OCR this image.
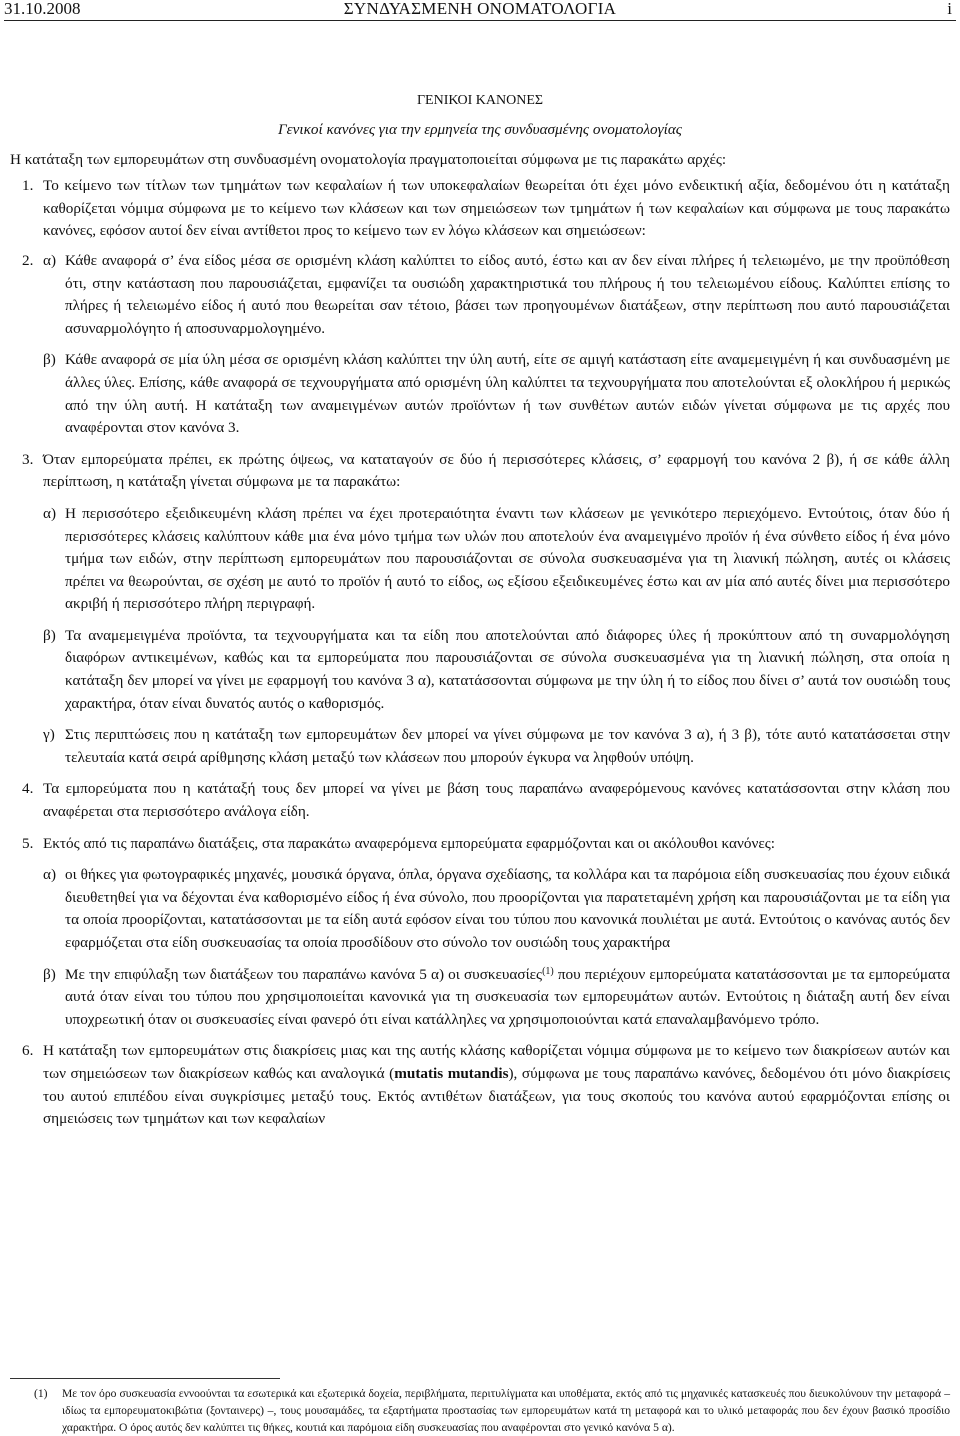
31.10.2008	ΣΥΝΔΥΑΣΜΕΝΗ ΟΝΟΜΑΤΟΛΟΓΙΑ	i

ΓΕΝΙΚΟΙ ΚΑΝΟΝΕΣ

Γενικοί κανόνες για την ερμηνεία της συνδυασμένης ονοματολογίας

Η κατάταξη των εμπορευμάτων στη συνδυασμένη ονοματολογία πραγματοποιείται σύμφωνα με τις παρακάτω αρχές:

1. Το κείμενο των τίτλων των τμημάτων των κεφαλαίων ή των υποκεφαλαίων θεωρείται ότι έχει μόνο ενδεικτική αξία, δεδομένου ότι η κατάταξη καθορίζεται νόμιμα σύμφωνα με το κείμενο των κλάσεων και των σημειώσεων των τμημάτων ή των κεφαλαίων και σύμφωνα με τους παρακάτω κανόνες, εφόσον αυτοί δεν είναι αντίθετοι προς το κείμενο των εν λόγω κλάσεων και σημειώσεων:

2. α) Κάθε αναφορά σ’ ένα είδος μέσα σε ορισμένη κλάση καλύπτει το είδος αυτό, έστω και αν δεν είναι πλήρες ή τελειωμένο, με την προϋπόθεση ότι, στην κατάσταση που παρουσιάζεται, εμφανίζει τα ουσιώδη χαρακτηριστικά του πλήρους ή του τελειωμένου είδους. Καλύπτει επίσης το πλήρες ή τελειωμένο είδος ή αυτό που θεωρείται σαν τέτοιο, βάσει των προηγουμένων διατάξεων, στην περίπτωση που αυτό παρουσιάζεται ασυναρμολόγητο ή αποσυναρμολογημένο.

β) Κάθε αναφορά σε μία ύλη μέσα σε ορισμένη κλάση καλύπτει την ύλη αυτή, είτε σε αμιγή κατάσταση είτε αναμεμειγμένη ή και συνδυασμένη με άλλες ύλες. Επίσης, κάθε αναφορά σε τεχνουργήματα από ορισμένη ύλη καλύπτει τα τεχνουργήματα που αποτελούνται εξ ολοκλήρου ή μερικώς από την ύλη αυτή. Η κατάταξη των αναμειγμένων αυτών προϊόντων ή των συνθέτων αυτών ειδών γίνεται σύμφωνα με τις αρχές που αναφέρονται στον κανόνα 3.

3. Όταν εμπορεύματα πρέπει, εκ πρώτης όψεως, να καταταγούν σε δύο ή περισσότερες κλάσεις, σ’ εφαρμογή του κανόνα 2 β), ή σε κάθε άλλη περίπτωση, η κατάταξη γίνεται σύμφωνα με τα παρακάτω:

α) Η περισσότερο εξειδικευμένη κλάση πρέπει να έχει προτεραιότητα έναντι των κλάσεων με γενικότερο περιεχόμενο. Εντούτοις, όταν δύο ή περισσότερες κλάσεις καλύπτουν κάθε μια ένα μόνο τμήμα των υλών που αποτελούν ένα αναμειγμένο προϊόν ή ένα σύνθετο είδος ή ένα μόνο τμήμα των ειδών, στην περίπτωση εμπορευμάτων που παρουσιάζονται σε σύνολα συσκευασμένα για τη λιανική πώληση, αυτές οι κλάσεις πρέπει να θεωρούνται, σε σχέση με αυτό το προϊόν ή αυτό το είδος, ως εξίσου εξειδικευμένες έστω και αν μία από αυτές δίνει μια περισσότερο ακριβή ή περισσότερο πλήρη περιγραφή.

β) Τα αναμεμειγμένα προϊόντα, τα τεχνουργήματα και τα είδη που αποτελούνται από διάφορες ύλες ή προκύπτουν από τη συναρμολόγηση διαφόρων αντικειμένων, καθώς και τα εμπορεύματα που παρουσιάζονται σε σύνολα συσκευασμένα για τη λιανική πώληση, στα οποία η κατάταξη δεν μπορεί να γίνει με εφαρμογή του κανόνα 3 α), κατατάσσονται σύμφωνα με την ύλη ή το είδος που δίνει σ’ αυτά τον ουσιώδη τους χαρακτήρα, όταν είναι δυνατός αυτός ο καθορισμός.

γ) Στις περιπτώσεις που η κατάταξη των εμπορευμάτων δεν μπορεί να γίνει σύμφωνα με τον κανόνα 3 α), ή 3 β), τότε αυτό κατατάσσεται στην τελευταία κατά σειρά αρίθμησης κλάση μεταξύ των κλάσεων που μπορούν έγκυρα να ληφθούν υπόψη.

4. Τα εμπορεύματα που η κατάταξή τους δεν μπορεί να γίνει με βάση τους παραπάνω αναφερόμενους κανόνες κατατάσσονται στην κλάση που αναφέρεται στα περισσότερο ανάλογα είδη.

5. Εκτός από τις παραπάνω διατάξεις, στα παρακάτω αναφερόμενα εμπορεύματα εφαρμόζονται και οι ακόλουθοι κανόνες:

α) οι θήκες για φωτογραφικές μηχανές, μουσικά όργανα, όπλα, όργανα σχεδίασης, τα κολλάρα και τα παρόμοια είδη συσκευασίας που έχουν ειδικά διευθετηθεί για να δέχονται ένα καθορισμένο είδος ή ένα σύνολο, που προορίζονται για παρατεταμένη χρήση και παρουσιάζονται με τα είδη για τα οποία προορίζονται, κατατάσσονται με τα είδη αυτά εφόσον είναι του τύπου που κανονικά πουλιέται με αυτά. Εντούτοις ο κανόνας αυτός δεν εφαρμόζεται στα είδη συσκευασίας τα οποία προσδίδουν στο σύνολο τον ουσιώδη τους χαρακτήρα

β) Με την επιφύλαξη των διατάξεων του παραπάνω κανόνα 5 α) οι συσκευασίες$^{(1)}$ που περιέχουν εμπορεύματα κατατάσσονται με τα εμπορεύματα αυτά όταν είναι του τύπου που χρησιμοποιείται κανονικά για τη συσκευασία των εμπορευμάτων αυτών. Εντούτοις η διάταξη αυτή δεν είναι υποχρεωτική όταν οι συσκευασίες είναι φανερό ότι είναι κατάλληλες να χρησιμοποιούνται κατά επαναλαμβανόμενο τρόπο.

6. Η κατάταξη των εμπορευμάτων στις διακρίσεις μιας και της αυτής κλάσης καθορίζεται νόμιμα σύμφωνα με το κείμενο των διακρίσεων αυτών και των σημειώσεων των διακρίσεων καθώς και αναλογικά (mutatis mutandis), σύμφωνα με τους παραπάνω κανόνες, δεδομένου ότι μόνο διακρίσεις του αυτού επιπέδου είναι συγκρίσιμες μεταξύ τους. Εκτός αντιθέτων διατάξεων, για τους σκοπούς του κανόνα αυτού εφαρμόζονται επίσης οι σημειώσεις των τμημάτων και των κεφαλαίων

(1) Με τον όρο συσκευασία εννοούνται τα εσωτερικά και εξωτερικά δοχεία, περιβλήματα, περιτυλίγματα και υποθέματα, εκτός από τις μηχανικές κατασκευές που διευκολύνουν την μεταφορά – ιδίως τα εμπορευματοκιβώτια (ξονταινερς) –, τους μουσαμάδες, τα εξαρτήματα προστασίας των εμπορευμάτων κατά τη μεταφορά και το υλικό μεταφοράς που δεν έχουν βασικό προσίδιο χαρακτήρα. Ο όρος αυτός δεν καλύπτει τις θήκες, κουτιά και παρόμοια είδη συσκευασίας που αναφέρονται στο γενικό κανόνα 5 α).
